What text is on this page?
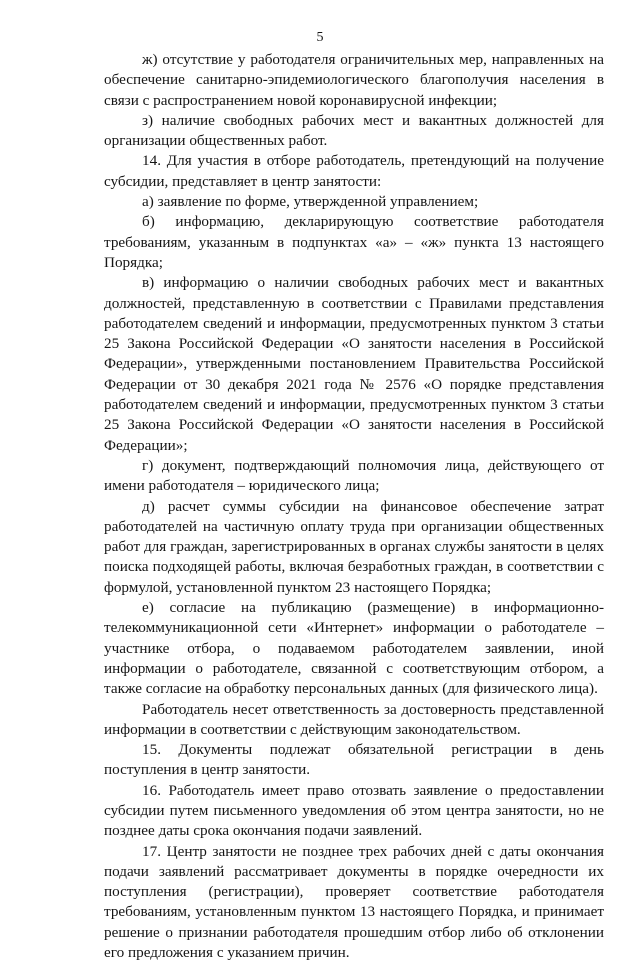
5

ж) отсутствие у работодателя ограничительных мер, направленных на обеспечение санитарно-эпидемиологического благополучия населения в связи с распространением новой коронавирусной инфекции;

з) наличие свободных рабочих мест и вакантных должностей для организации общественных работ.

14. Для участия в отборе работодатель, претендующий на получение субсидии, представляет в центр занятости:

а) заявление по форме, утвержденной управлением;

б) информацию, декларирующую соответствие работодателя требованиям, указанным в подпунктах «а» – «ж» пункта 13 настоящего Порядка;

в) информацию о наличии свободных рабочих мест и вакантных должностей, представленную в соответствии с Правилами представления работодателем сведений и информации, предусмотренных пунктом 3 статьи 25 Закона Российской Федерации «О занятости населения в Российской Федерации», утвержденными постановлением Правительства Российской Федерации от 30 декабря 2021 года № 2576 «О порядке представления работодателем сведений и информации, предусмотренных пунктом 3 статьи 25 Закона Российской Федерации «О занятости населения в Российской Федерации»;

г) документ, подтверждающий полномочия лица, действующего от имени работодателя – юридического лица;

д) расчет суммы субсидии на финансовое обеспечение затрат работодателей на частичную оплату труда при организации общественных работ для граждан, зарегистрированных в органах службы занятости в целях поиска подходящей работы, включая безработных граждан, в соответствии с формулой, установленной пунктом 23 настоящего Порядка;

е) согласие на публикацию (размещение) в информационно-телекоммуникационной сети «Интернет» информации о работодателе – участнике отбора, о подаваемом работодателем заявлении, иной информации о работодателе, связанной с соответствующим отбором, а также согласие на обработку персональных данных (для физического лица).

Работодатель несет ответственность за достоверность представленной информации в соответствии с действующим законодательством.

15. Документы подлежат обязательной регистрации в день поступления в центр занятости.

16. Работодатель имеет право отозвать заявление о предоставлении субсидии путем письменного уведомления об этом центра занятости, но не позднее даты срока окончания подачи заявлений.

17. Центр занятости не позднее трех рабочих дней с даты окончания подачи заявлений рассматривает документы в порядке очередности их поступления (регистрации), проверяет соответствие работодателя требованиям, установленным пунктом 13 настоящего Порядка, и принимает решение о признании работодателя прошедшим отбор либо об отклонении его предложения с указанием причин.
